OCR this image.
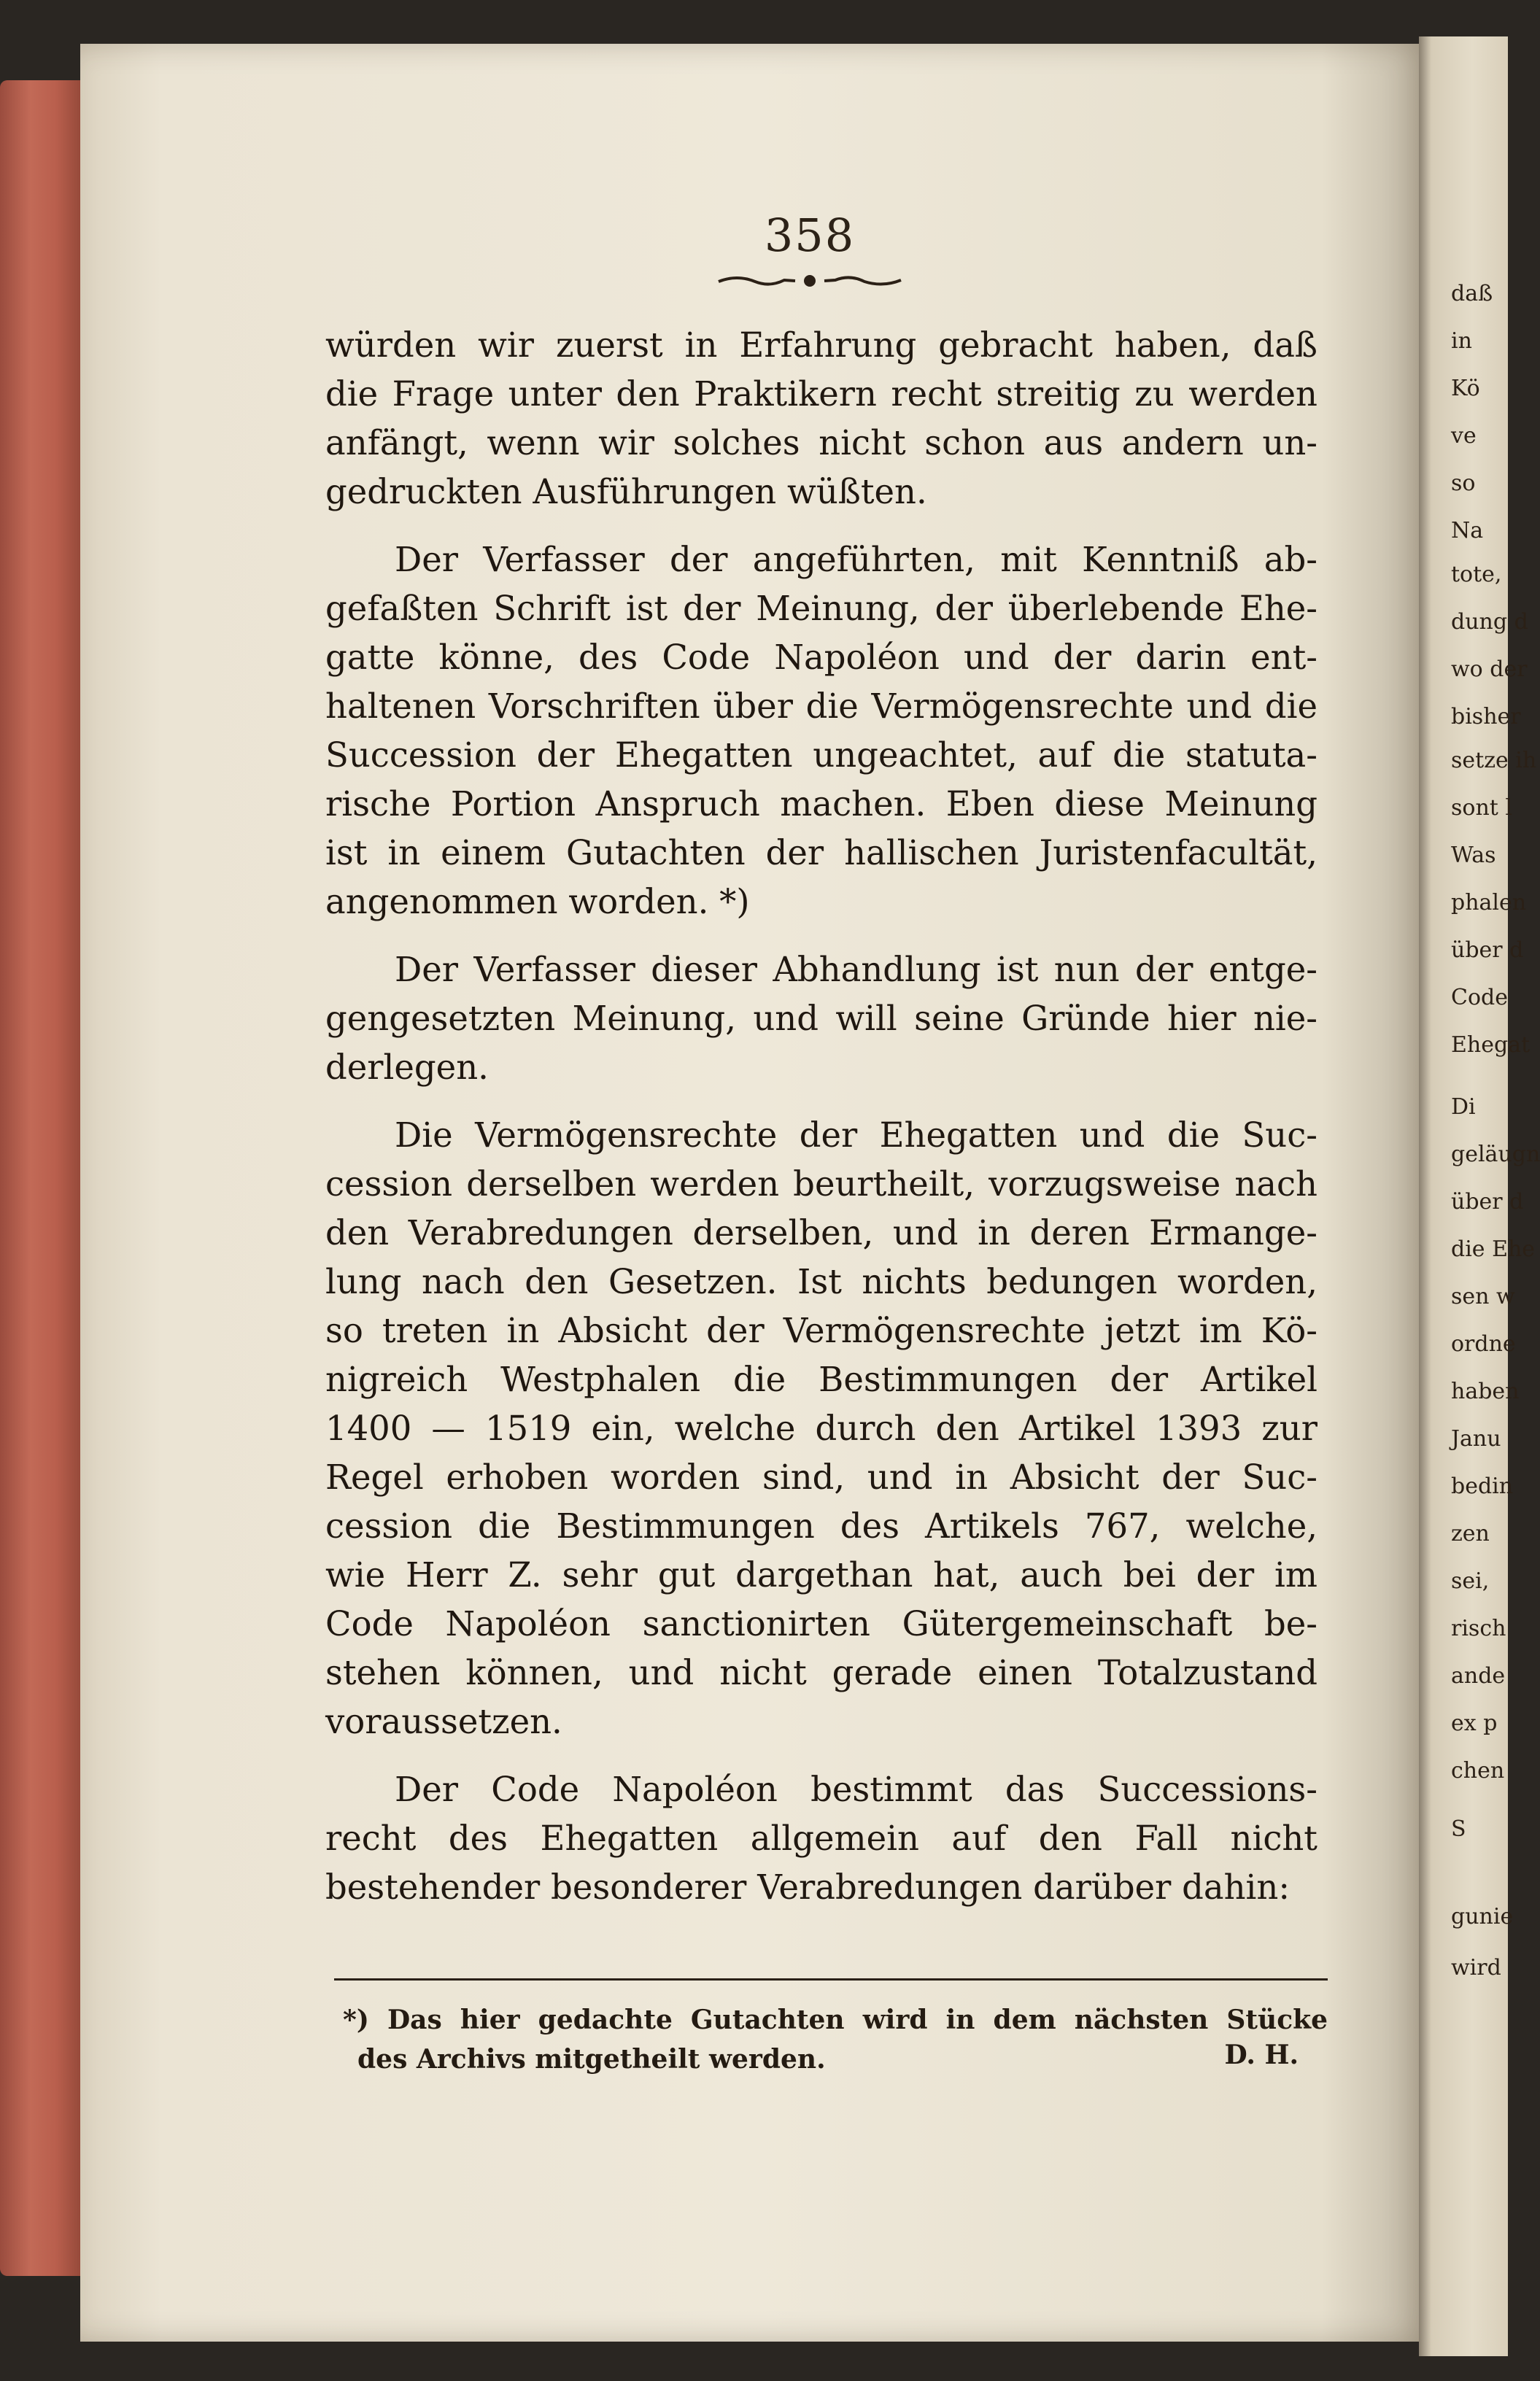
daß
in
Kö
ve
so
Na
tote,
dung d
wo der
bisher
setze ih
sont l
Was
phalen
über d
Code
Ehegat
Di
geläugn
über d
die Ehe
sen w
ordne
haben
Janu
bedin
zen
sei,
risch
ande
ex p
chen
S
gunie
wird
358
würden wir zuerst in Erfahrung gebracht haben, daß
die Frage unter den Praktikern recht streitig zu werden
anfängt, wenn wir solches nicht schon aus andern un-
gedruckten Ausführungen wüßten.
Der Verfasser der angeführten, mit Kenntniß ab-
gefaßten Schrift ist der Meinung, der überlebende Ehe-
gatte könne, des Code Napoléon und der darin ent-
haltenen Vorschriften über die Vermögensrechte und die
Succession der Ehegatten ungeachtet, auf die statuta-
rische Portion Anspruch machen. Eben diese Meinung
ist in einem Gutachten der hallischen Juristenfacultät,
angenommen worden. *)
Der Verfasser dieser Abhandlung ist nun der entge-
gengesetzten Meinung, und will seine Gründe hier nie-
derlegen.
Die Vermögensrechte der Ehegatten und die Suc-
cession derselben werden beurtheilt, vorzugsweise nach
den Verabredungen derselben, und in deren Ermange-
lung nach den Gesetzen. Ist nichts bedungen worden,
so treten in Absicht der Vermögensrechte jetzt im Kö-
nigreich Westphalen die Bestimmungen der Artikel
1400 — 1519 ein, welche durch den Artikel 1393 zur
Regel erhoben worden sind, und in Absicht der Suc-
cession die Bestimmungen des Artikels 767, welche,
wie Herr Z. sehr gut dargethan hat, auch bei der im
Code Napoléon sanctionirten Gütergemeinschaft be-
stehen können, und nicht gerade einen Totalzustand
voraussetzen.
Der Code Napoléon bestimmt das Successions-
recht des Ehegatten allgemein auf den Fall nicht
bestehender besonderer Verabredungen darüber dahin:
*) Das hier gedachte Gutachten wird in dem nächsten Stücke
des Archivs mitgetheilt werden.	D. H.
